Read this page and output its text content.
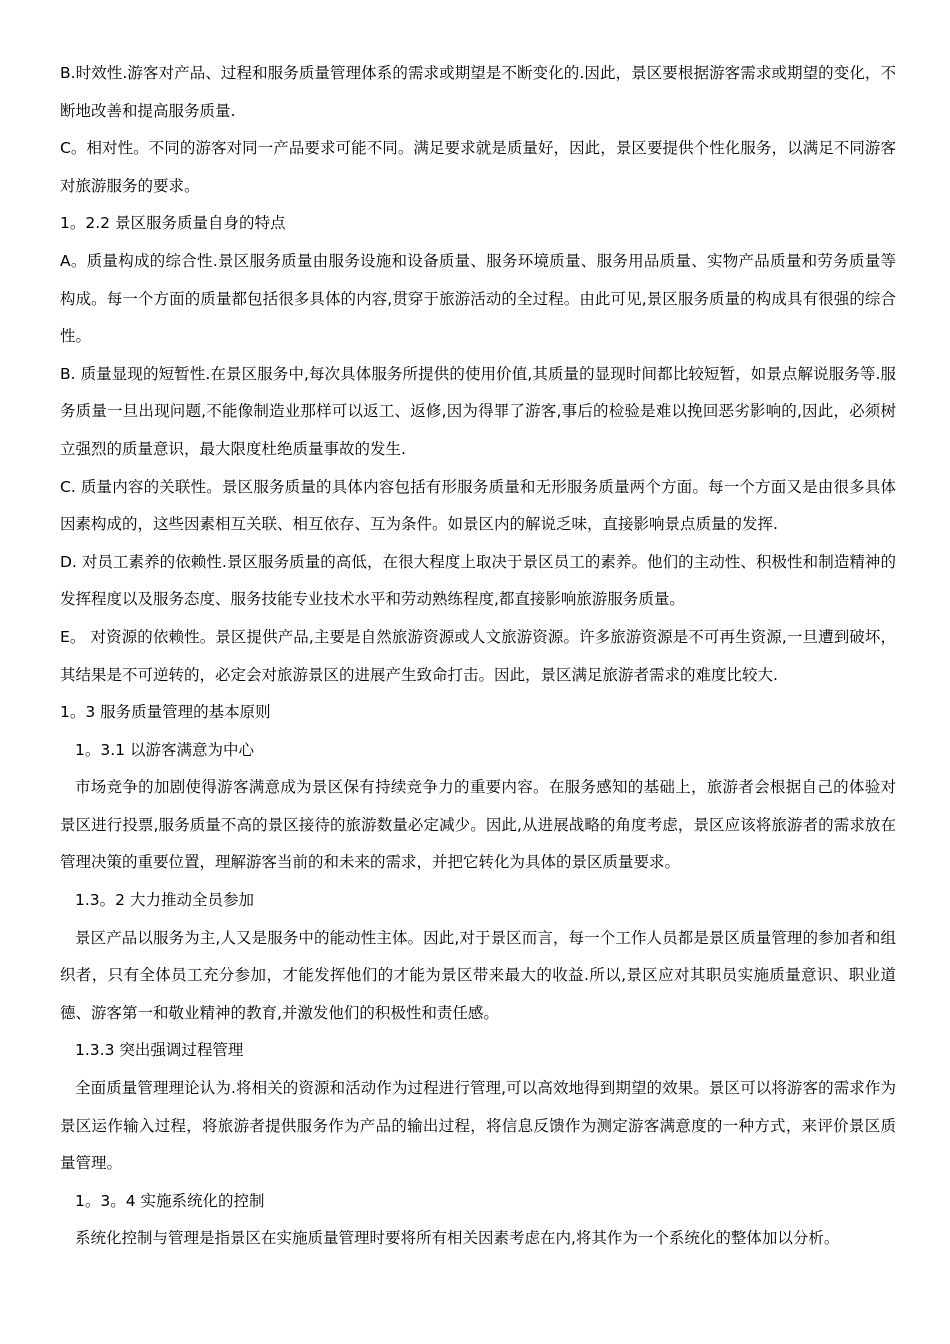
B.时效性.游客对产品、过程和服务质量管理体系的需求或期望是不断变化的.因此，景区要根据游客需求或期望的变化，不断地改善和提高服务质量.

C。相对性。不同的游客对同一产品要求可能不同。满足要求就是质量好，因此，景区要提供个性化服务，以满足不同游客对旅游服务的要求。

1。2.2 景区服务质量自身的特点

A。质量构成的综合性.景区服务质量由服务设施和设备质量、服务环境质量、服务用品质量、实物产品质量和劳务质量等构成。每一个方面的质量都包括很多具体的内容,贯穿于旅游活动的全过程。由此可见,景区服务质量的构成具有很强的综合性。

B. 质量显现的短暂性.在景区服务中,每次具体服务所提供的使用价值,其质量的显现时间都比较短暂，如景点解说服务等.服务质量一旦出现问题,不能像制造业那样可以返工、返修,因为得罪了游客,事后的检验是难以挽回恶劣影响的,因此，必须树立强烈的质量意识，最大限度杜绝质量事故的发生.

C. 质量内容的关联性。景区服务质量的具体内容包括有形服务质量和无形服务质量两个方面。每一个方面又是由很多具体因素构成的，这些因素相互关联、相互依存、互为条件。如景区内的解说乏味，直接影响景点质量的发挥.

D. 对员工素养的依赖性.景区服务质量的高低，在很大程度上取决于景区员工的素养。他们的主动性、积极性和制造精神的发挥程度以及服务态度、服务技能专业技术水平和劳动熟练程度,都直接影响旅游服务质量。

E。 对资源的依赖性。景区提供产品,主要是自然旅游资源或人文旅游资源。许多旅游资源是不可再生资源,一旦遭到破坏，其结果是不可逆转的，必定会对旅游景区的进展产生致命打击。因此，景区满足旅游者需求的难度比较大.

1。3 服务质量管理的基本原则

1。3.1 以游客满意为中心

市场竞争的加剧使得游客满意成为景区保有持续竞争力的重要内容。在服务感知的基础上，旅游者会根据自己的体验对景区进行投票,服务质量不高的景区接待的旅游数量必定减少。因此,从进展战略的角度考虑，景区应该将旅游者的需求放在管理决策的重要位置，理解游客当前的和未来的需求，并把它转化为具体的景区质量要求。

1.3。2 大力推动全员参加

景区产品以服务为主,人又是服务中的能动性主体。因此,对于景区而言，每一个工作人员都是景区质量管理的参加者和组织者，只有全体员工充分参加，才能发挥他们的才能为景区带来最大的收益.所以,景区应对其职员实施质量意识、职业道德、游客第一和敬业精神的教育,并激发他们的积极性和责任感。

1.3.3 突出强调过程管理

全面质量管理理论认为.将相关的资源和活动作为过程进行管理,可以高效地得到期望的效果。景区可以将游客的需求作为景区运作输入过程，将旅游者提供服务作为产品的输出过程，将信息反馈作为测定游客满意度的一种方式，来评价景区质量管理。

1。3。4 实施系统化的控制

系统化控制与管理是指景区在实施质量管理时要将所有相关因素考虑在内,将其作为一个系统化的整体加以分析。
